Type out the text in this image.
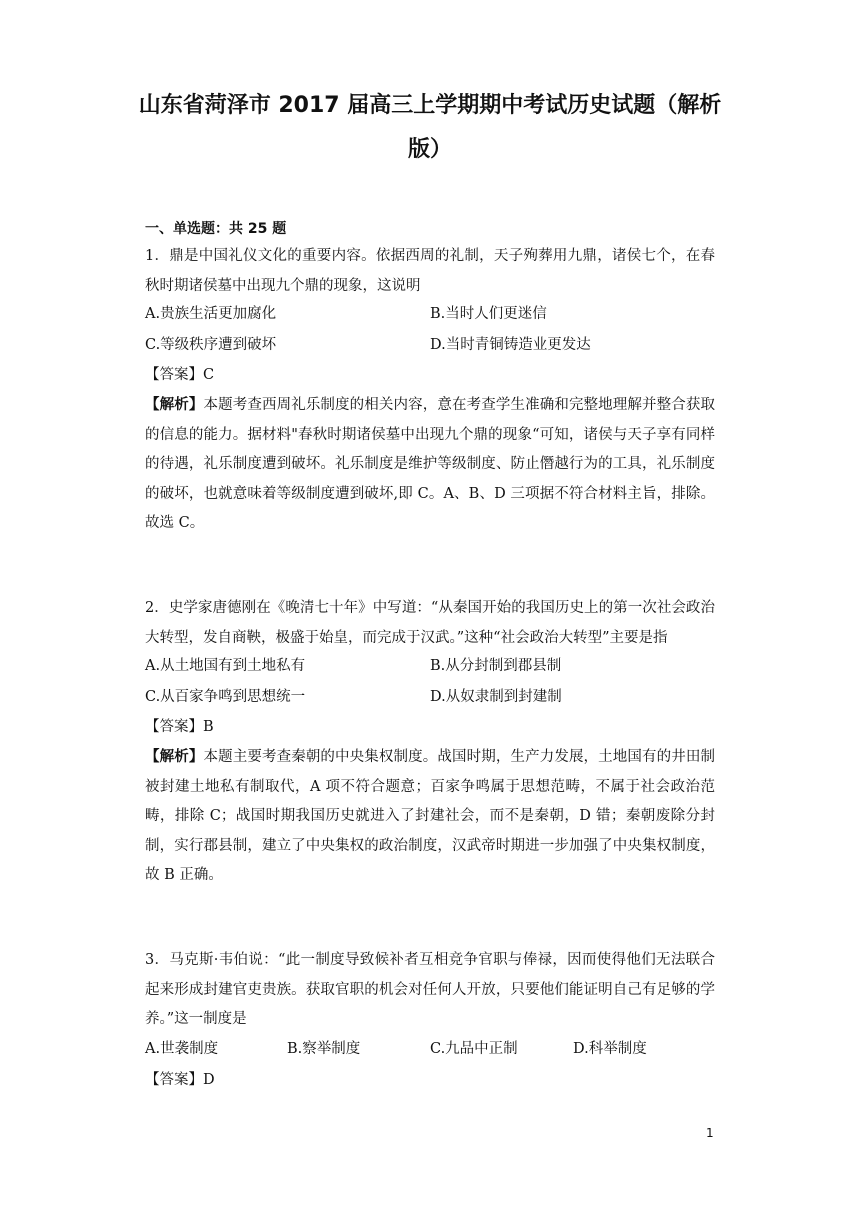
山东省菏泽市 2017 届高三上学期期中考试历史试题（解析
版）
一、单选题：共 25 题
1．鼎是中国礼仪文化的重要内容。依据西周的礼制，天子殉葬用九鼎，诸侯七个，在春秋时期诸侯墓中出现九个鼎的现象，这说明
A.贵族生活更加腐化	B.当时人们更迷信
C.等级秩序遭到破坏	D.当时青铜铸造业更发达
【答案】C
【解析】本题考查西周礼乐制度的相关内容，意在考查学生准确和完整地理解并整合获取的信息的能力。据材料"春秋时期诸侯墓中出现九个鼎的现象“可知，诸侯与天子享有同样的待遇，礼乐制度遭到破坏。礼乐制度是维护等级制度、防止僭越行为的工具，礼乐制度的破坏，也就意味着等级制度遭到破坏,即 C。A、B、D 三项据不符合材料主旨，排除。故选 C。
2．史学家唐德刚在《晚清七十年》中写道：“从秦国开始的我国历史上的第一次社会政治大转型，发自商鞅，极盛于始皇，而完成于汉武。”这种“社会政治大转型”主要是指
A.从土地国有到土地私有	B.从分封制到郡县制
C.从百家争鸣到思想统一	D.从奴隶制到封建制
【答案】B
【解析】本题主要考查秦朝的中央集权制度。战国时期，生产力发展，土地国有的井田制被封建土地私有制取代，A 项不符合题意；百家争鸣属于思想范畴，不属于社会政治范畴，排除 C；战国时期我国历史就进入了封建社会，而不是秦朝，D 错；秦朝废除分封制，实行郡县制，建立了中央集权的政治制度，汉武帝时期进一步加强了中央集权制度，故 B 正确。
3．马克斯·韦伯说：“此一制度导致候补者互相竞争官职与俸禄，因而使得他们无法联合起来形成封建官吏贵族。获取官职的机会对任何人开放，只要他们能证明自己有足够的学养。”这一制度是
A.世袭制度	B.察举制度	C.九品中正制	D.科举制度
【答案】D
1
